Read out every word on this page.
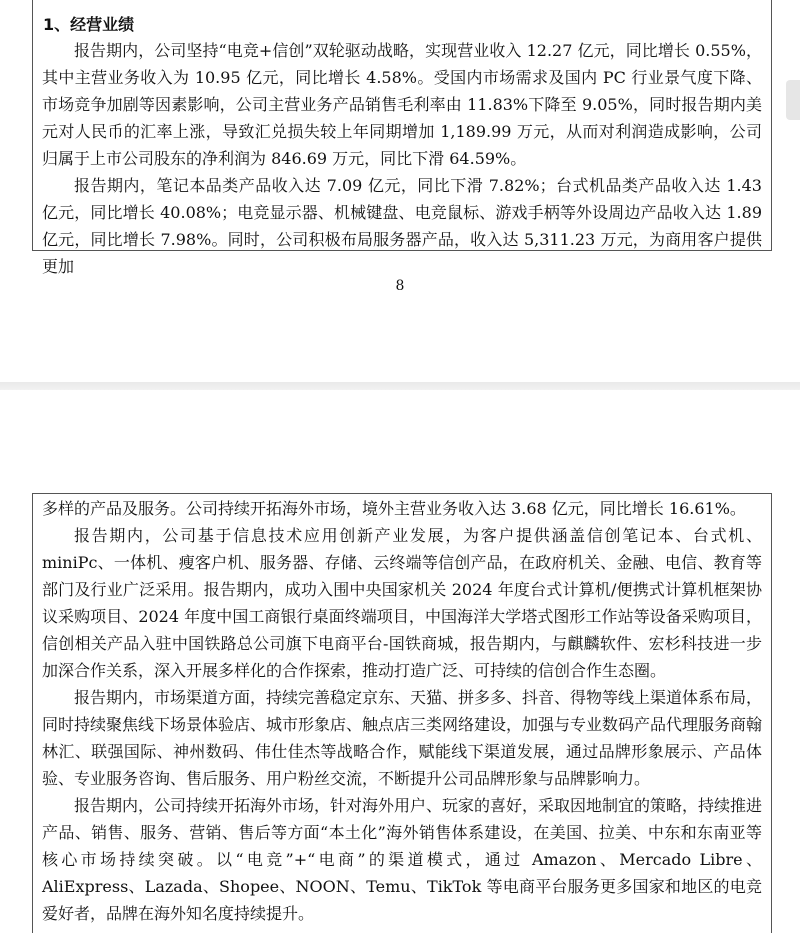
1、经营业绩

报告期内，公司坚持“电竞+信创”双轮驱动战略，实现营业收入 12.27 亿元，同比增长 0.55%，其中主营业务收入为 10.95 亿元，同比增长 4.58%。受国内市场需求及国内 PC 行业景气度下降、市场竞争加剧等因素影响，公司主营业务产品销售毛利率由 11.83%下降至 9.05%，同时报告期内美元对人民币的汇率上涨，导致汇兑损失较上年同期增加 1,189.99 万元，从而对利润造成影响，公司归属于上市公司股东的净利润为 846.69 万元，同比下滑 64.59%。

报告期内，笔记本品类产品收入达 7.09 亿元，同比下滑 7.82%；台式机品类产品收入达 1.43 亿元，同比增长 40.08%；电竞显示器、机械键盘、电竞鼠标、游戏手柄等外设周边产品收入达 1.89 亿元，同比增长 7.98%。同时，公司积极布局服务器产品，收入达 5,311.23 万元，为商用客户提供更加

8

多样的产品及服务。公司持续开拓海外市场，境外主营业务收入达 3.68 亿元，同比增长 16.61%。

报告期内，公司基于信息技术应用创新产业发展，为客户提供涵盖信创笔记本、台式机、miniPc、一体机、瘦客户机、服务器、存储、云终端等信创产品，在政府机关、金融、电信、教育等部门及行业广泛采用。报告期内，成功入围中央国家机关 2024 年度台式计算机/便携式计算机框架协议采购项目、2024 年度中国工商银行桌面终端项目，中国海洋大学塔式图形工作站等设备采购项目，信创相关产品入驻中国铁路总公司旗下电商平台-国铁商城，报告期内，与麒麟软件、宏杉科技进一步加深合作关系，深入开展多样化的合作探索，推动打造广泛、可持续的信创合作生态圈。

报告期内，市场渠道方面，持续完善稳定京东、天猫、拼多多、抖音、得物等线上渠道体系布局，同时持续聚焦线下场景体验店、城市形象店、触点店三类网络建设，加强与专业数码产品代理服务商翰林汇、联强国际、神州数码、伟仕佳杰等战略合作，赋能线下渠道发展，通过品牌形象展示、产品体验、专业服务咨询、售后服务、用户粉丝交流，不断提升公司品牌形象与品牌影响力。

报告期内，公司持续开拓海外市场，针对海外用户、玩家的喜好，采取因地制宜的策略，持续推进产品、销售、服务、营销、售后等方面“本土化”海外销售体系建设，在美国、拉美、中东和东南亚等核心市场持续突破。以“电竞”+“电商”的渠道模式，通过 Amazon、Mercado Libre、AliExpress、Lazada、Shopee、NOON、Temu、TikTok 等电商平台服务更多国家和地区的电竞爱好者，品牌在海外知名度持续提升。
